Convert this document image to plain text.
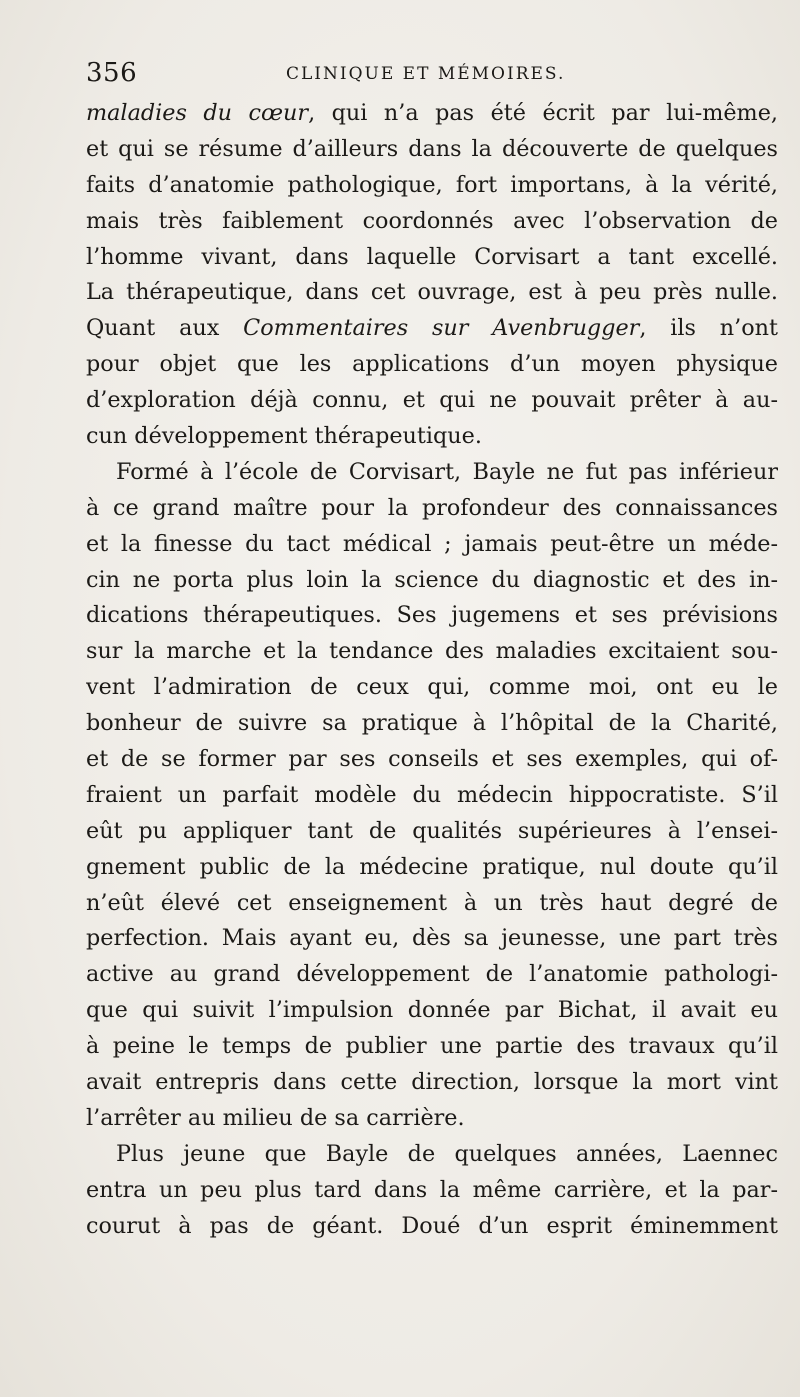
356	CLINIQUE ET MÉMOIRES.
maladies du cœur, qui n’a pas été écrit par lui-même,
et qui se résume d’ailleurs dans la découverte de quelques
faits d’anatomie pathologique, fort importans, à la vérité,
mais très faiblement coordonnés avec l’observation de
l’homme vivant, dans laquelle Corvisart a tant excellé.
La thérapeutique, dans cet ouvrage, est à peu près nulle.
Quant aux Commentaires sur Avenbrugger, ils n’ont
pour objet que les applications d’un moyen physique
d’exploration déjà connu, et qui ne pouvait prêter à au-
cun développement thérapeutique.
Formé à l’école de Corvisart, Bayle ne fut pas inférieur
à ce grand maître pour la profondeur des connaissances
et la finesse du tact médical ; jamais peut-être un méde-
cin ne porta plus loin la science du diagnostic et des in-
dications thérapeutiques. Ses jugemens et ses prévisions
sur la marche et la tendance des maladies excitaient sou-
vent l’admiration de ceux qui, comme moi, ont eu le
bonheur de suivre sa pratique à l’hôpital de la Charité,
et de se former par ses conseils et ses exemples, qui of-
fraient un parfait modèle du médecin hippocratiste. S’il
eût pu appliquer tant de qualités supérieures à l’ensei-
gnement public de la médecine pratique, nul doute qu’il
n’eût élevé cet enseignement à un très haut degré de
perfection. Mais ayant eu, dès sa jeunesse, une part très
active au grand développement de l’anatomie pathologi-
que qui suivit l’impulsion donnée par Bichat, il avait eu
à peine le temps de publier une partie des travaux qu’il
avait entrepris dans cette direction, lorsque la mort vint
l’arrêter au milieu de sa carrière.
Plus jeune que Bayle de quelques années, Laennec
entra un peu plus tard dans la même carrière, et la par-
courut à pas de géant. Doué d’un esprit éminemment
